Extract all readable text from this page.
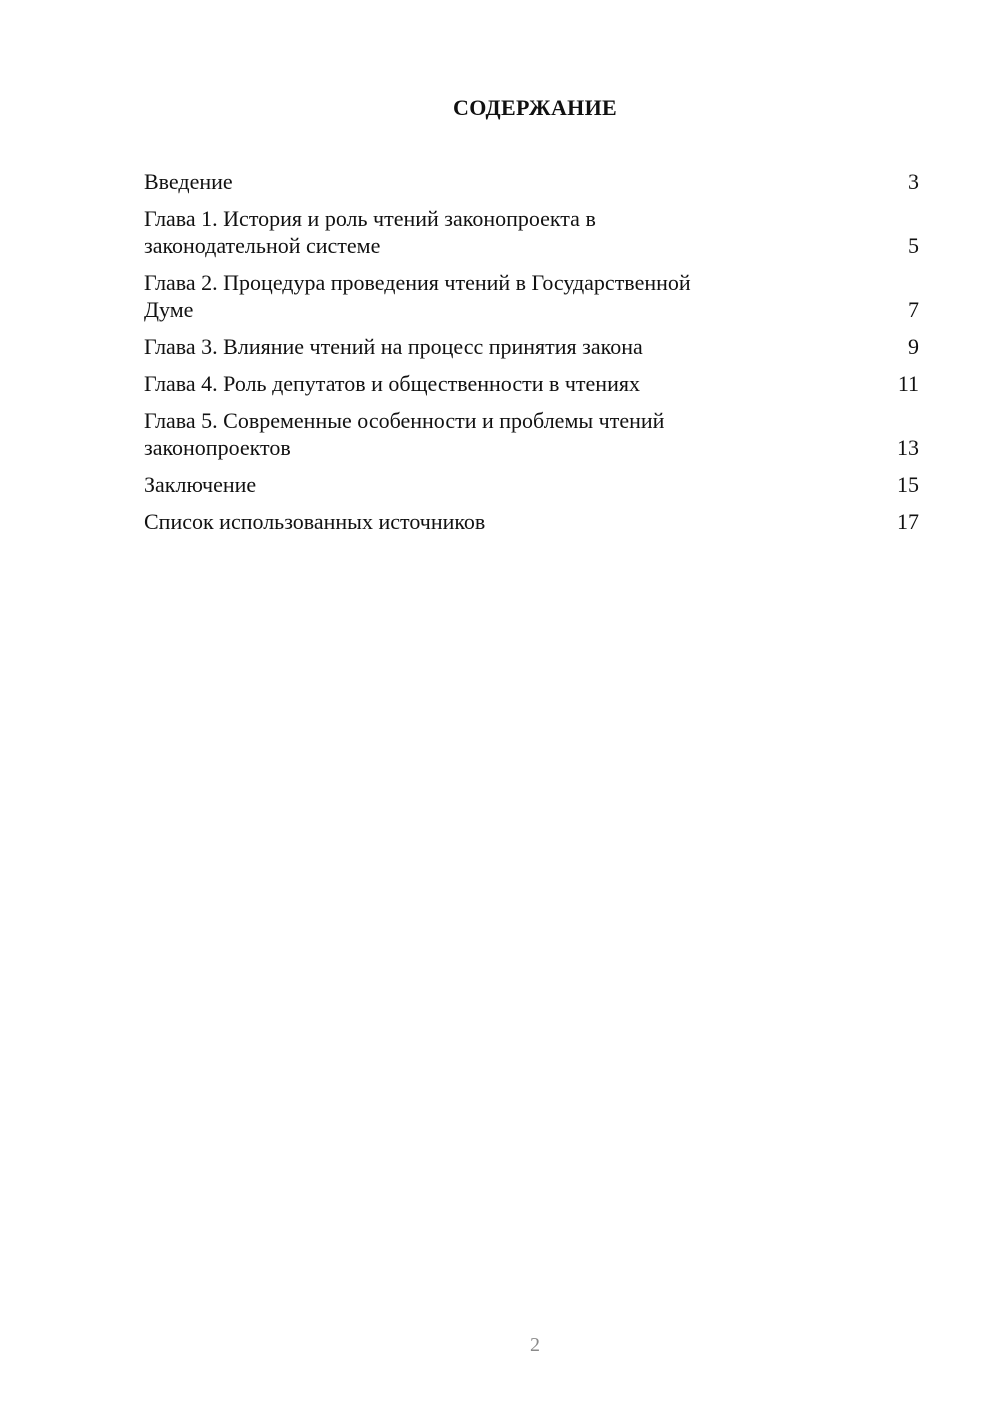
СОДЕРЖАНИЕ
Введение	3
Глава 1. История и роль чтений законопроекта в
законодательной системе	5
Глава 2. Процедура проведения чтений в Государственной
Думе	7
Глава 3. Влияние чтений на процесс принятия закона	9
Глава 4. Роль депутатов и общественности в чтениях	11
Глава 5. Современные особенности и проблемы чтений
законопроектов	13
Заключение	15
Список использованных источников	17
2
